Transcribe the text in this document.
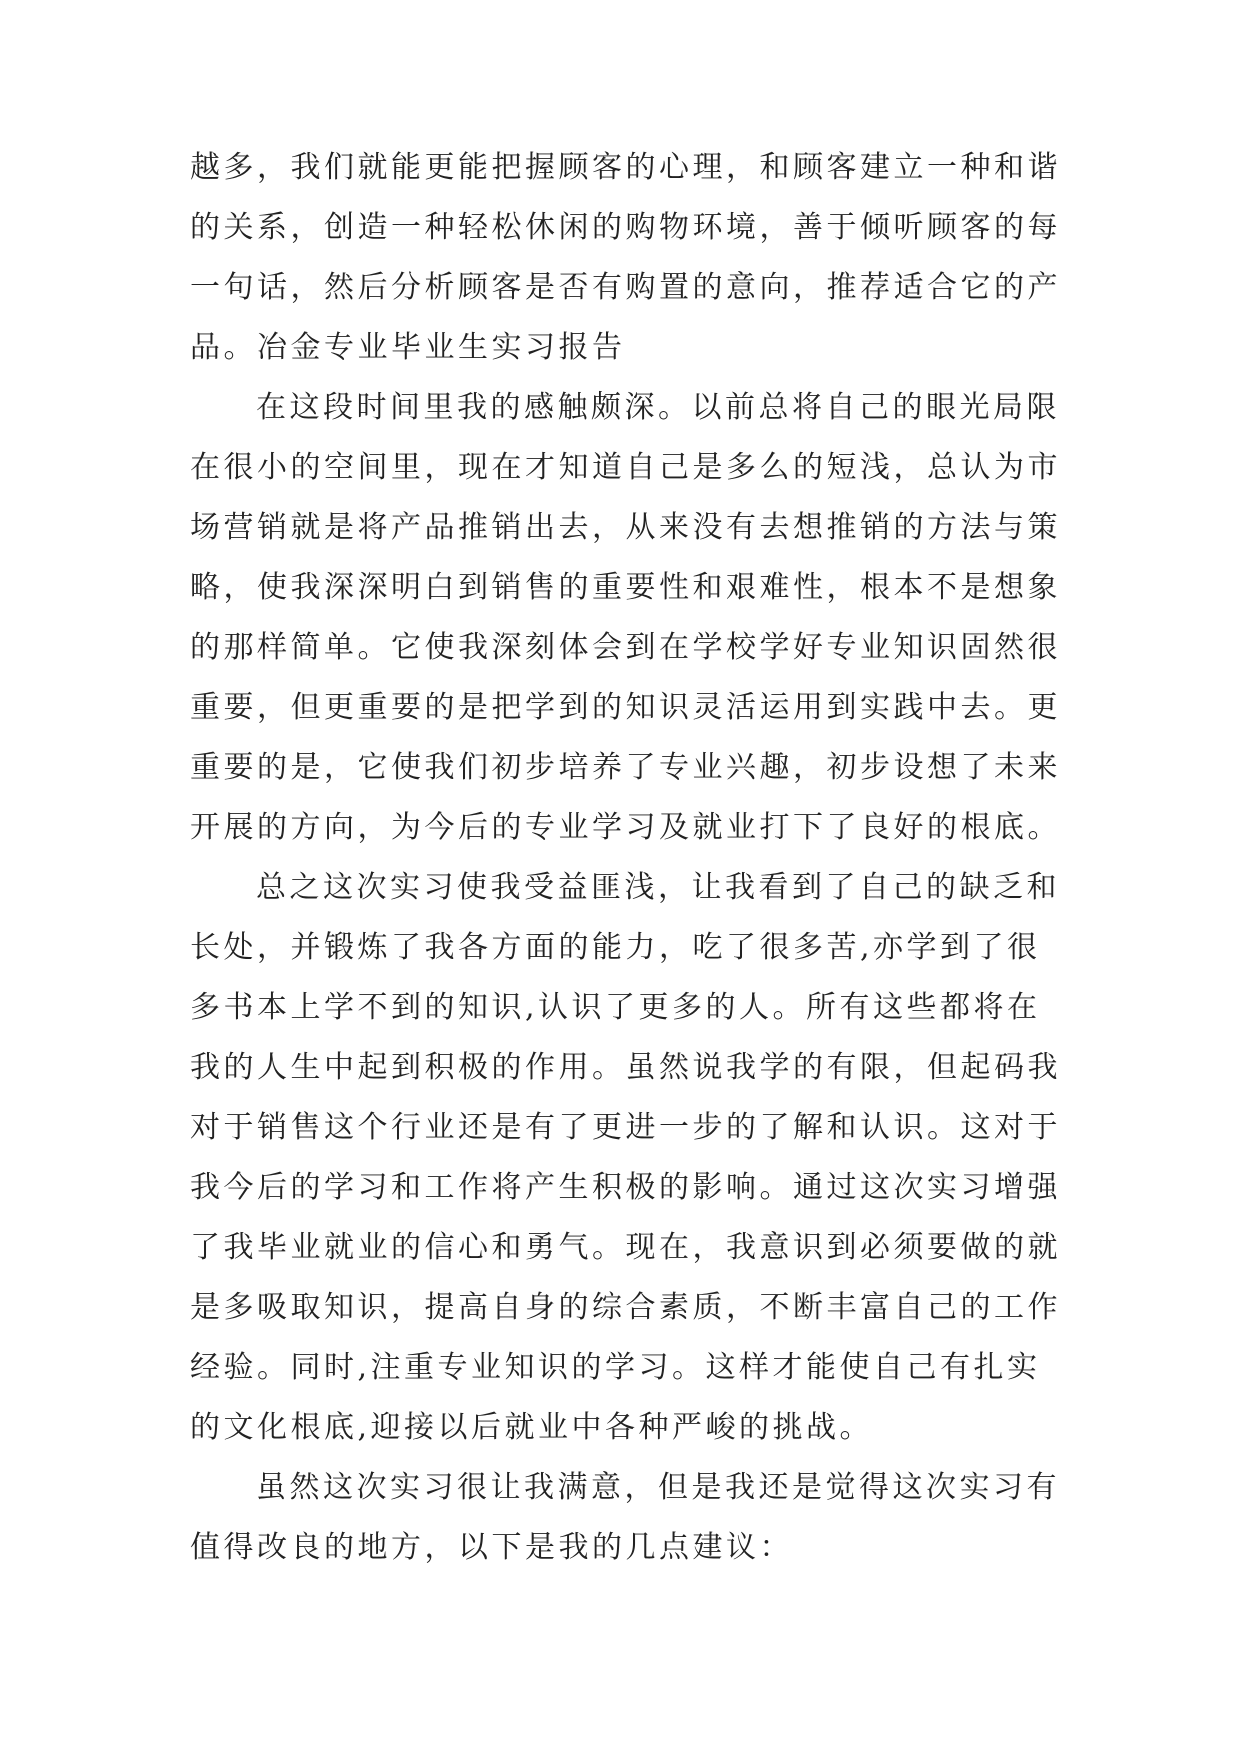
越多，我们就能更能把握顾客的心理，和顾客建立一种和谐
的关系，创造一种轻松休闲的购物环境，善于倾听顾客的每
一句话，然后分析顾客是否有购置的意向，推荐适合它的产
品。冶金专业毕业生实习报告
在这段时间里我的感触颇深。以前总将自己的眼光局限
在很小的空间里，现在才知道自己是多么的短浅，总认为市
场营销就是将产品推销出去，从来没有去想推销的方法与策
略，使我深深明白到销售的重要性和艰难性，根本不是想象
的那样简单。它使我深刻体会到在学校学好专业知识固然很
重要，但更重要的是把学到的知识灵活运用到实践中去。更
重要的是，它使我们初步培养了专业兴趣，初步设想了未来
开展的方向，为今后的专业学习及就业打下了良好的根底。
总之这次实习使我受益匪浅，让我看到了自己的缺乏和
长处，并锻炼了我各方面的能力，吃了很多苦,亦学到了很
多书本上学不到的知识,认识了更多的人。所有这些都将在
我的人生中起到积极的作用。虽然说我学的有限，但起码我
对于销售这个行业还是有了更进一步的了解和认识。这对于
我今后的学习和工作将产生积极的影响。通过这次实习增强
了我毕业就业的信心和勇气。现在，我意识到必须要做的就
是多吸取知识，提高自身的综合素质，不断丰富自己的工作
经验。同时,注重专业知识的学习。这样才能使自己有扎实
的文化根底,迎接以后就业中各种严峻的挑战。
虽然这次实习很让我满意，但是我还是觉得这次实习有
值得改良的地方，以下是我的几点建议：
